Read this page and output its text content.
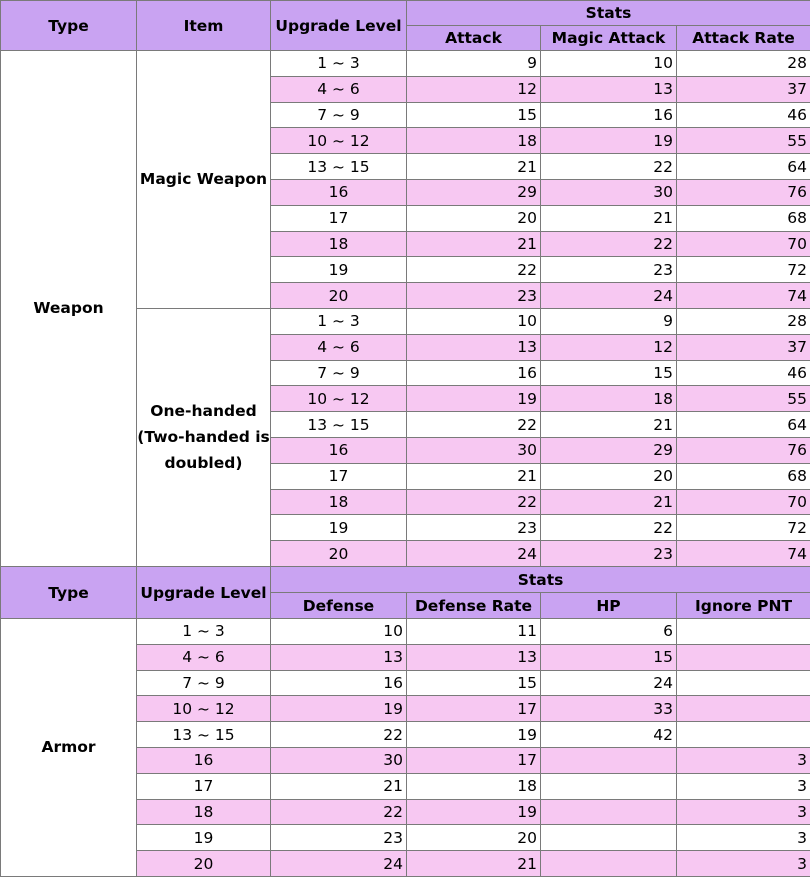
Type	Item	Upgrade Level	Stats		
			Attack	Magic Attack	Attack Rate
Weapon	Magic Weapon	1 ~ 3	9	10	28
		4 ~ 6	12	13	37
		7 ~ 9	15	16	46
		10 ~ 12	18	19	55
		13 ~ 15	21	22	64
		16	29	30	76
		17	20	21	68
		18	21	22	70
		19	22	23	72
		20	23	24	74
	One-handed (Two-handed is doubled)	1 ~ 3	10	9	28
		4 ~ 6	13	12	37
		7 ~ 9	16	15	46
		10 ~ 12	19	18	55
		13 ~ 15	22	21	64
		16	30	29	76
		17	21	20	68
		18	22	21	70
		19	23	22	72
		20	24	23	74
Type	Upgrade Level	Stats			
		Defense	Defense Rate	HP	Ignore PNT
Armor	1 ~ 3	10	11	6	
	4 ~ 6	13	13	15	
	7 ~ 9	16	15	24	
	10 ~ 12	19	17	33	
	13 ~ 15	22	19	42	
	16	30	17		3
	17	21	18		3
	18	22	19		3
	19	23	20		3
	20	24	21		3
